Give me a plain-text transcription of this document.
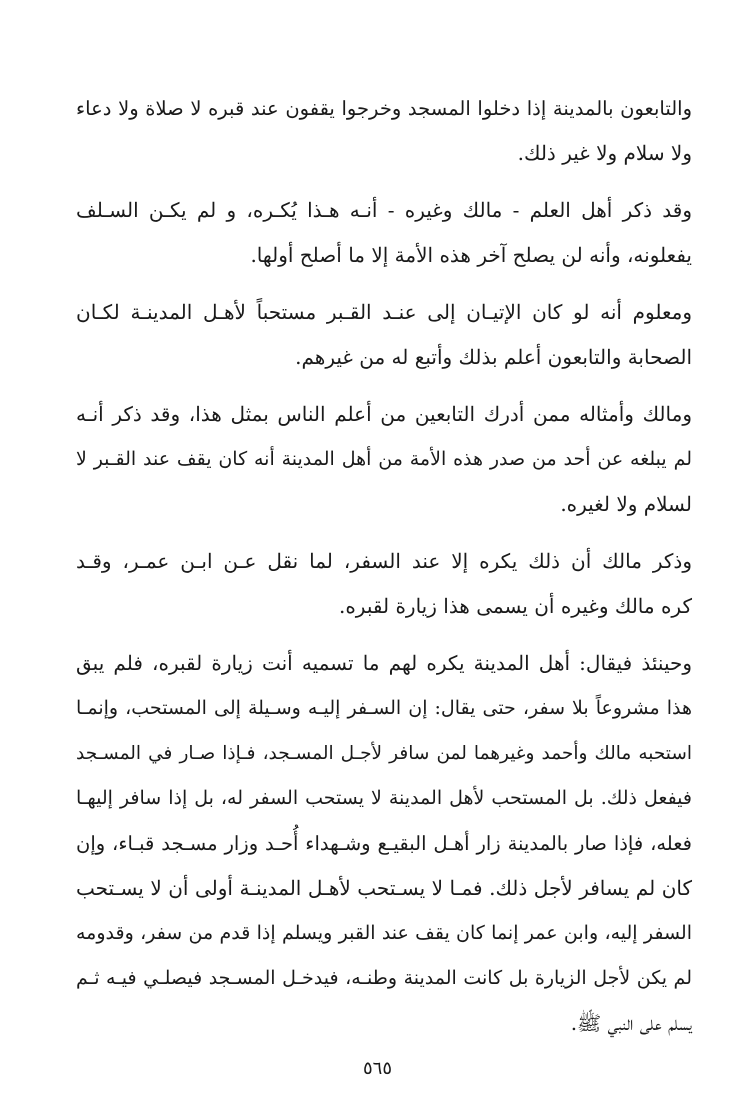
والتابعون بالمدينة إذا دخلوا المسجد وخرجوا يقفون عند قبره لا صلاة ولا دعاء
ولا سلام ولا غير ذلك.
وقد ذكر أهل العلم - مالك وغيره - أنـه هـذا يُكـره، و لم يكـن السـلف
يفعلونه، وأنه لن يصلح آخر هذه الأمة إلا ما أصلح أولها.
ومعلوم أنه لو كان الإتيـان إلى عنـد القـبر مستحباً لأهـل المدينـة لكـان
الصحابة والتابعون أعلم بذلك وأتبع له من غيرهم.
ومالك وأمثاله ممن أدرك التابعين من أعلم الناس بمثل هذا، وقد ذكر أنـه
لم يبلغه عن أحد من صدر هذه الأمة من أهل المدينة أنه كان يقف عند القـبر لا
لسلام ولا لغيره.
وذكر مالك أن ذلك يكره إلا عند السفر، لما نقل عـن ابـن عمـر، وقـد
كره مالك وغيره أن يسمى هذا زيارة لقبره.
وحينئذ فيقال: أهل المدينة يكره لهم ما تسميه أنت زيارة لقبره، فلم يبق
هذا مشروعاً بلا سفر، حتى يقال: إن السـفر إليـه وسـيلة إلى المستحب، وإنمـا
استحبه مالك وأحمد وغيرهما لمن سافر لأجـل المسـجد، فـإذا صـار في المسـجد
فيفعل ذلك. بل المستحب لأهل المدينة لا يستحب السفر له، بل إذا سافر إليهـا
فعله، فإذا صار بالمدينة زار أهـل البقيـع وشـهداء أُحـد وزار مسـجد قبـاء، وإن
كان لم يسافر لأجل ذلك. فمـا لا يسـتحب لأهـل المدينـة أولى أن لا يسـتحب
السفر إليه، وابن عمر إنما كان يقف عند القبر ويسلم إذا قدم من سفر، وقدومه
لم يكن لأجل الزيارة بل كانت المدينة وطنـه، فيدخـل المسـجد فيصلـي فيـه ثـم
يسلم على النبي ﷺ.
٥٦٥
